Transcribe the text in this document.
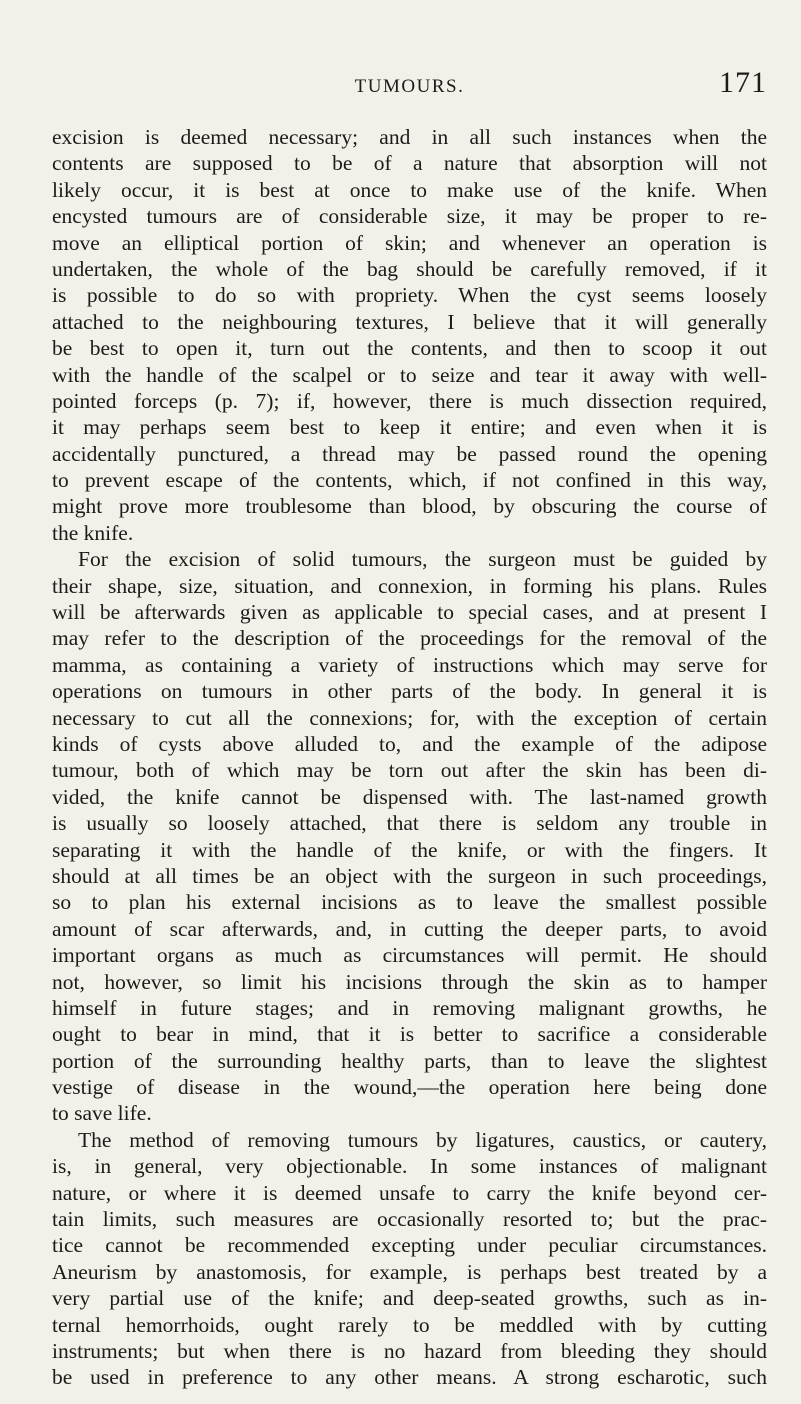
TUMOURS.	171
excision is deemed necessary; and in all such instances when the
contents are supposed to be of a nature that absorption will not
likely occur, it is best at once to make use of the knife. When
encysted tumours are of considerable size, it may be proper to re-
move an elliptical portion of skin; and whenever an operation is
undertaken, the whole of the bag should be carefully removed, if it
is possible to do so with propriety. When the cyst seems loosely
attached to the neighbouring textures, I believe that it will generally
be best to open it, turn out the contents, and then to scoop it out
with the handle of the scalpel or to seize and tear it away with well-
pointed forceps (p. 7); if, however, there is much dissection required,
it may perhaps seem best to keep it entire; and even when it is
accidentally punctured, a thread may be passed round the opening
to prevent escape of the contents, which, if not confined in this way,
might prove more troublesome than blood, by obscuring the course of
the knife.
For the excision of solid tumours, the surgeon must be guided by
their shape, size, situation, and connexion, in forming his plans. Rules
will be afterwards given as applicable to special cases, and at present I
may refer to the description of the proceedings for the removal of the
mamma, as containing a variety of instructions which may serve for
operations on tumours in other parts of the body. In general it is
necessary to cut all the connexions; for, with the exception of certain
kinds of cysts above alluded to, and the example of the adipose
tumour, both of which may be torn out after the skin has been di-
vided, the knife cannot be dispensed with. The last-named growth
is usually so loosely attached, that there is seldom any trouble in
separating it with the handle of the knife, or with the fingers. It
should at all times be an object with the surgeon in such proceedings,
so to plan his external incisions as to leave the smallest possible
amount of scar afterwards, and, in cutting the deeper parts, to avoid
important organs as much as circumstances will permit. He should
not, however, so limit his incisions through the skin as to hamper
himself in future stages; and in removing malignant growths, he
ought to bear in mind, that it is better to sacrifice a considerable
portion of the surrounding healthy parts, than to leave the slightest
vestige of disease in the wound,—the operation here being done
to save life.
The method of removing tumours by ligatures, caustics, or cautery,
is, in general, very objectionable. In some instances of malignant
nature, or where it is deemed unsafe to carry the knife beyond cer-
tain limits, such measures are occasionally resorted to; but the prac-
tice cannot be recommended excepting under peculiar circumstances.
Aneurism by anastomosis, for example, is perhaps best treated by a
very partial use of the knife; and deep-seated growths, such as in-
ternal hemorrhoids, ought rarely to be meddled with by cutting
instruments; but when there is no hazard from bleeding they should
be used in preference to any other means. A strong escharotic, such
